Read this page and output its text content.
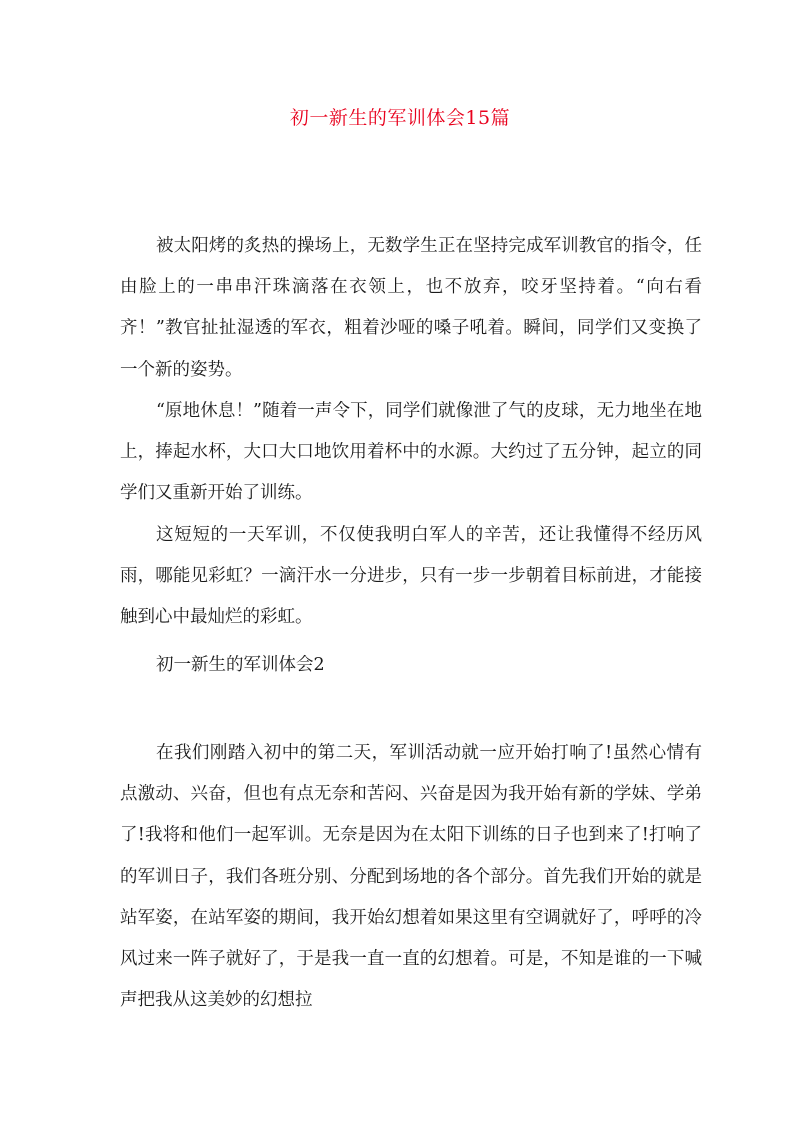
初一新生的军训体会15篇

被太阳烤的炙热的操场上，无数学生正在坚持完成军训教官的指令，任由脸上的一串串汗珠滴落在衣领上，也不放弃，咬牙坚持着。“向右看齐！”教官扯扯湿透的军衣，粗着沙哑的嗓子吼着。瞬间，同学们又变换了一个新的姿势。

“原地休息！”随着一声令下，同学们就像泄了气的皮球，无力地坐在地上，捧起水杯，大口大口地饮用着杯中的水源。大约过了五分钟，起立的同学们又重新开始了训练。

这短短的一天军训，不仅使我明白军人的辛苦，还让我懂得不经历风雨，哪能见彩虹？一滴汗水一分进步，只有一步一步朝着目标前进，才能接触到心中最灿烂的彩虹。

初一新生的军训体会2

在我们刚踏入初中的第二天，军训活动就一应开始打响了!虽然心情有点激动、兴奋，但也有点无奈和苦闷、兴奋是因为我开始有新的学妹、学弟了!我将和他们一起军训。无奈是因为在太阳下训练的日子也到来了!打响了的军训日子，我们各班分别、分配到场地的各个部分。首先我们开始的就是站军姿，在站军姿的期间，我开始幻想着如果这里有空调就好了，呼呼的冷风过来一阵子就好了，于是我一直一直的幻想着。可是，不知是谁的一下喊声把我从这美妙的幻想拉
